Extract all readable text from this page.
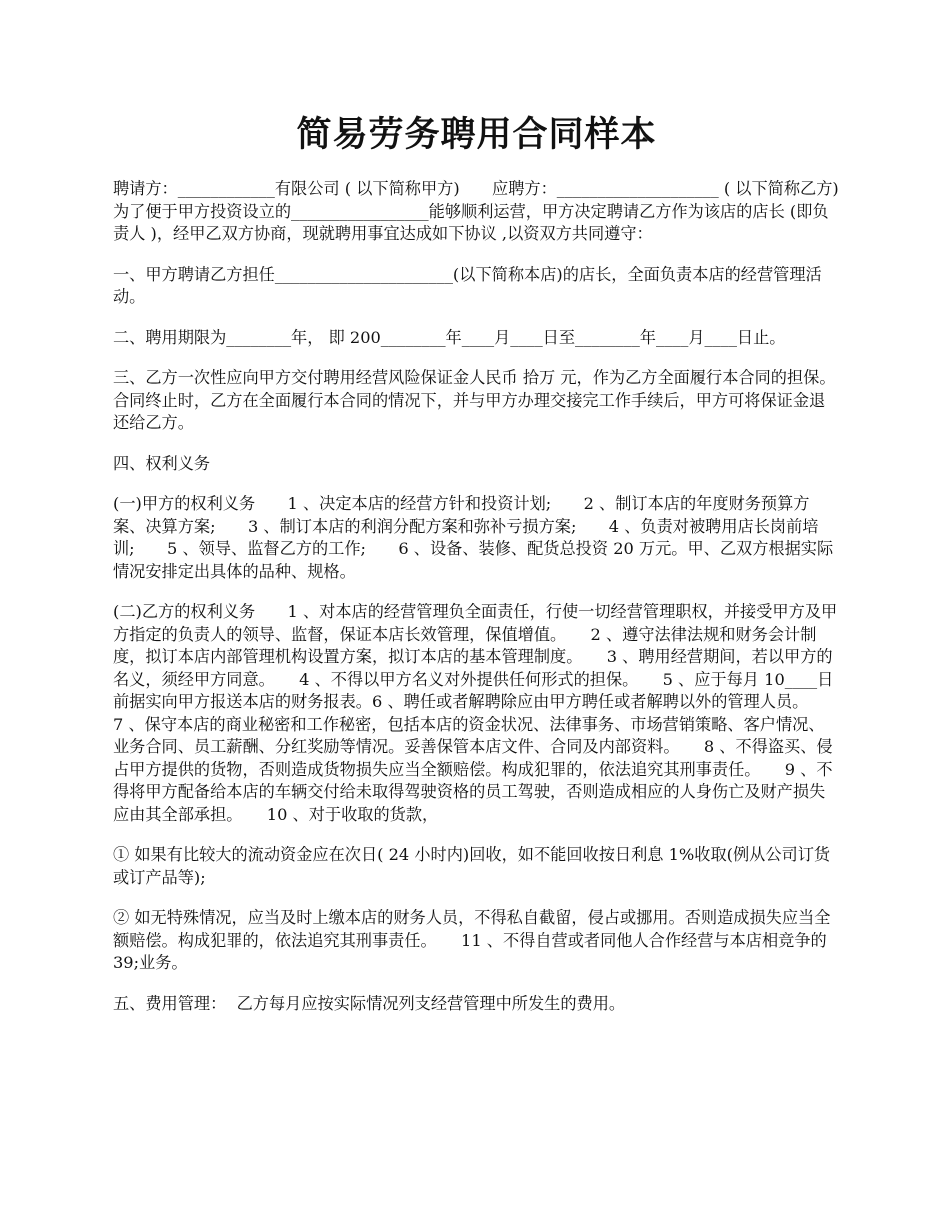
简易劳务聘用合同样本

聘请方：____________有限公司 ( 以下简称甲方)　　应聘方：____________________ ( 以下简称乙方)　　为了便于甲方投资设立的_________________能够顺利运营，甲方决定聘请乙方作为该店的店长 (即负责人 )，经甲乙双方协商，现就聘用事宜达成如下协议 ,以资双方共同遵守：

一、甲方聘请乙方担任______________________(以下简称本店)的店长，全面负责本店的经营管理活动。

二、聘用期限为________年， 即 200________年____月____日至________年____月____日止。

三、乙方一次性应向甲方交付聘用经营风险保证金人民币 拾万 元，作为乙方全面履行本合同的担保。合同终止时，乙方在全面履行本合同的情况下，并与甲方办理交接完工作手续后，甲方可将保证金退还给乙方。

四、权利义务

(一)甲方的权利义务　　1 、决定本店的经营方针和投资计划;　　2 、制订本店的年度财务预算方案、决算方案;　　3 、制订本店的利润分配方案和弥补亏损方案;　　4 、负责对被聘用店长岗前培训;　　5 、领导、监督乙方的工作;　　6 、设备、装修、配货总投资 20 万元。甲、乙双方根据实际情况安排定出具体的品种、规格。

(二)乙方的权利义务　　1 、对本店的经营管理负全面责任，行使一切经营管理职权，并接受甲方及甲方指定的负责人的领导、监督，保证本店长效管理，保值增值。　　2 、遵守法律法规和财务会计制度，拟订本店内部管理机构设置方案，拟订本店的基本管理制度。　　3 、聘用经营期间，若以甲方的名义，须经甲方同意。　　4 、不得以甲方名义对外提供任何形式的担保。　　5 、应于每月 10____日前据实向甲方报送本店的财务报表。6 、聘任或者解聘除应由甲方聘任或者解聘以外的管理人员。　　7 、保守本店的商业秘密和工作秘密，包括本店的资金状况、法律事务、市场营销策略、客户情况、业务合同、员工薪酬、分红奖励等情况。妥善保管本店文件、合同及内部资料。　　8 、不得盗买、侵占甲方提供的货物，否则造成货物损失应当全额赔偿。构成犯罪的，依法追究其刑事责任。　　9 、不得将甲方配备给本店的车辆交付给未取得驾驶资格的员工驾驶，否则造成相应的人身伤亡及财产损失应由其全部承担。　　10 、对于收取的货款，

① 如果有比较大的流动资金应在次日( 24 小时内)回收，如不能回收按日利息 1%收取(例从公司订货或订产品等);

② 如无特殊情况，应当及时上缴本店的财务人员，不得私自截留，侵占或挪用。否则造成损失应当全额赔偿。构成犯罪的，依法追究其刑事责任。　　11 、不得自营或者同他人合作经营与本店相竞争的39;业务。

五、费用管理：  乙方每月应按实际情况列支经营管理中所发生的费用。
